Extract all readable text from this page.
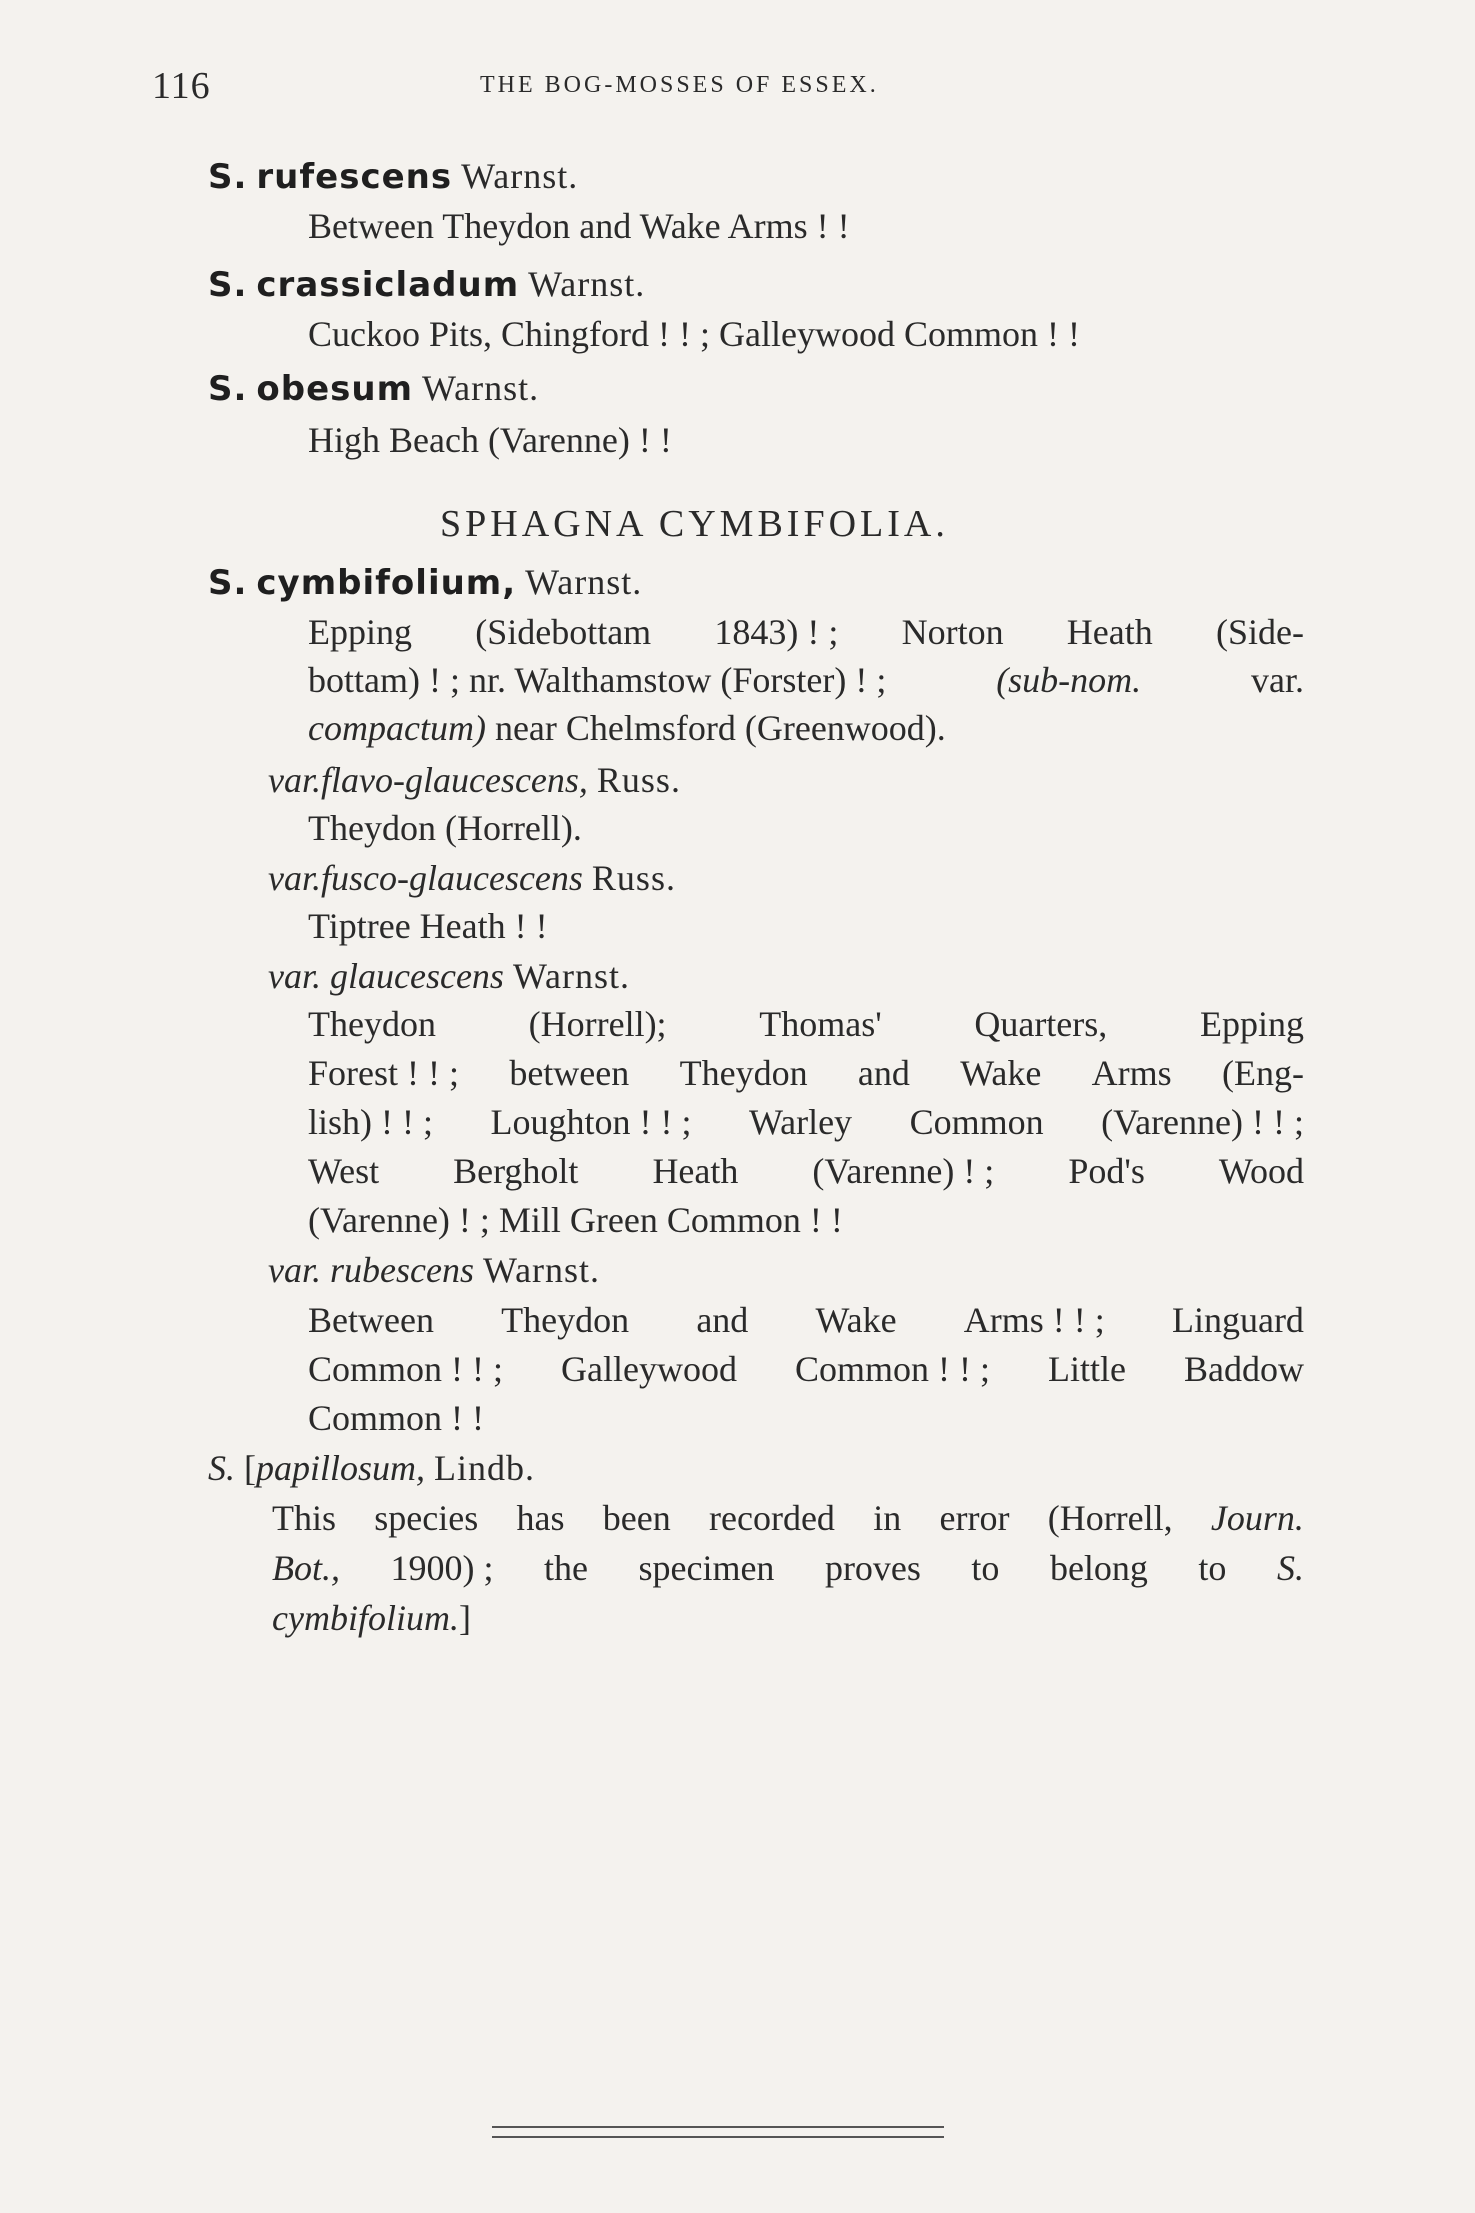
116	THE BOG-MOSSES OF ESSEX.
S. rufescens Warnst.
Between Theydon and Wake Arms ! !
S. crassicladum Warnst.
Cuckoo Pits, Chingford ! ! ; Galleywood Common ! !
S. obesum Warnst.
High Beach (Varenne) ! !
SPHAGNA CYMBIFOLIA.
S. cymbifolium, Warnst.
Epping (Sidebottam 1843) ! ; Norton Heath (Side-
bottam) ! ; nr. Walthamstow (Forster) ! ;	(sub-nom.	var.
compactum) near Chelmsford (Greenwood).
var.flavo-glaucescens, Russ.
Theydon (Horrell).
var.fusco-glaucescens Russ.
Tiptree Heath ! !
var. glaucescens Warnst.
Theydon	(Horrell);	Thomas'	Quarters,	Epping
Forest ! ! ; between Theydon and Wake Arms (Eng-
lish) ! ! ; Loughton ! ! ; Warley Common (Varenne) ! ! ;
West Bergholt Heath (Varenne) ! ; Pod's Wood
(Varenne) ! ; Mill Green Common ! !
var. rubescens Warnst.
Between Theydon and Wake Arms ! ! ; Linguard
Common ! ! ; Galleywood Common ! ! ; Little Baddow
Common ! !
S. [papillosum, Lindb.
This species has been recorded in error (Horrell, Journ.
Bot., 1900) ; the specimen proves to belong to S.
cymbifolium.]
